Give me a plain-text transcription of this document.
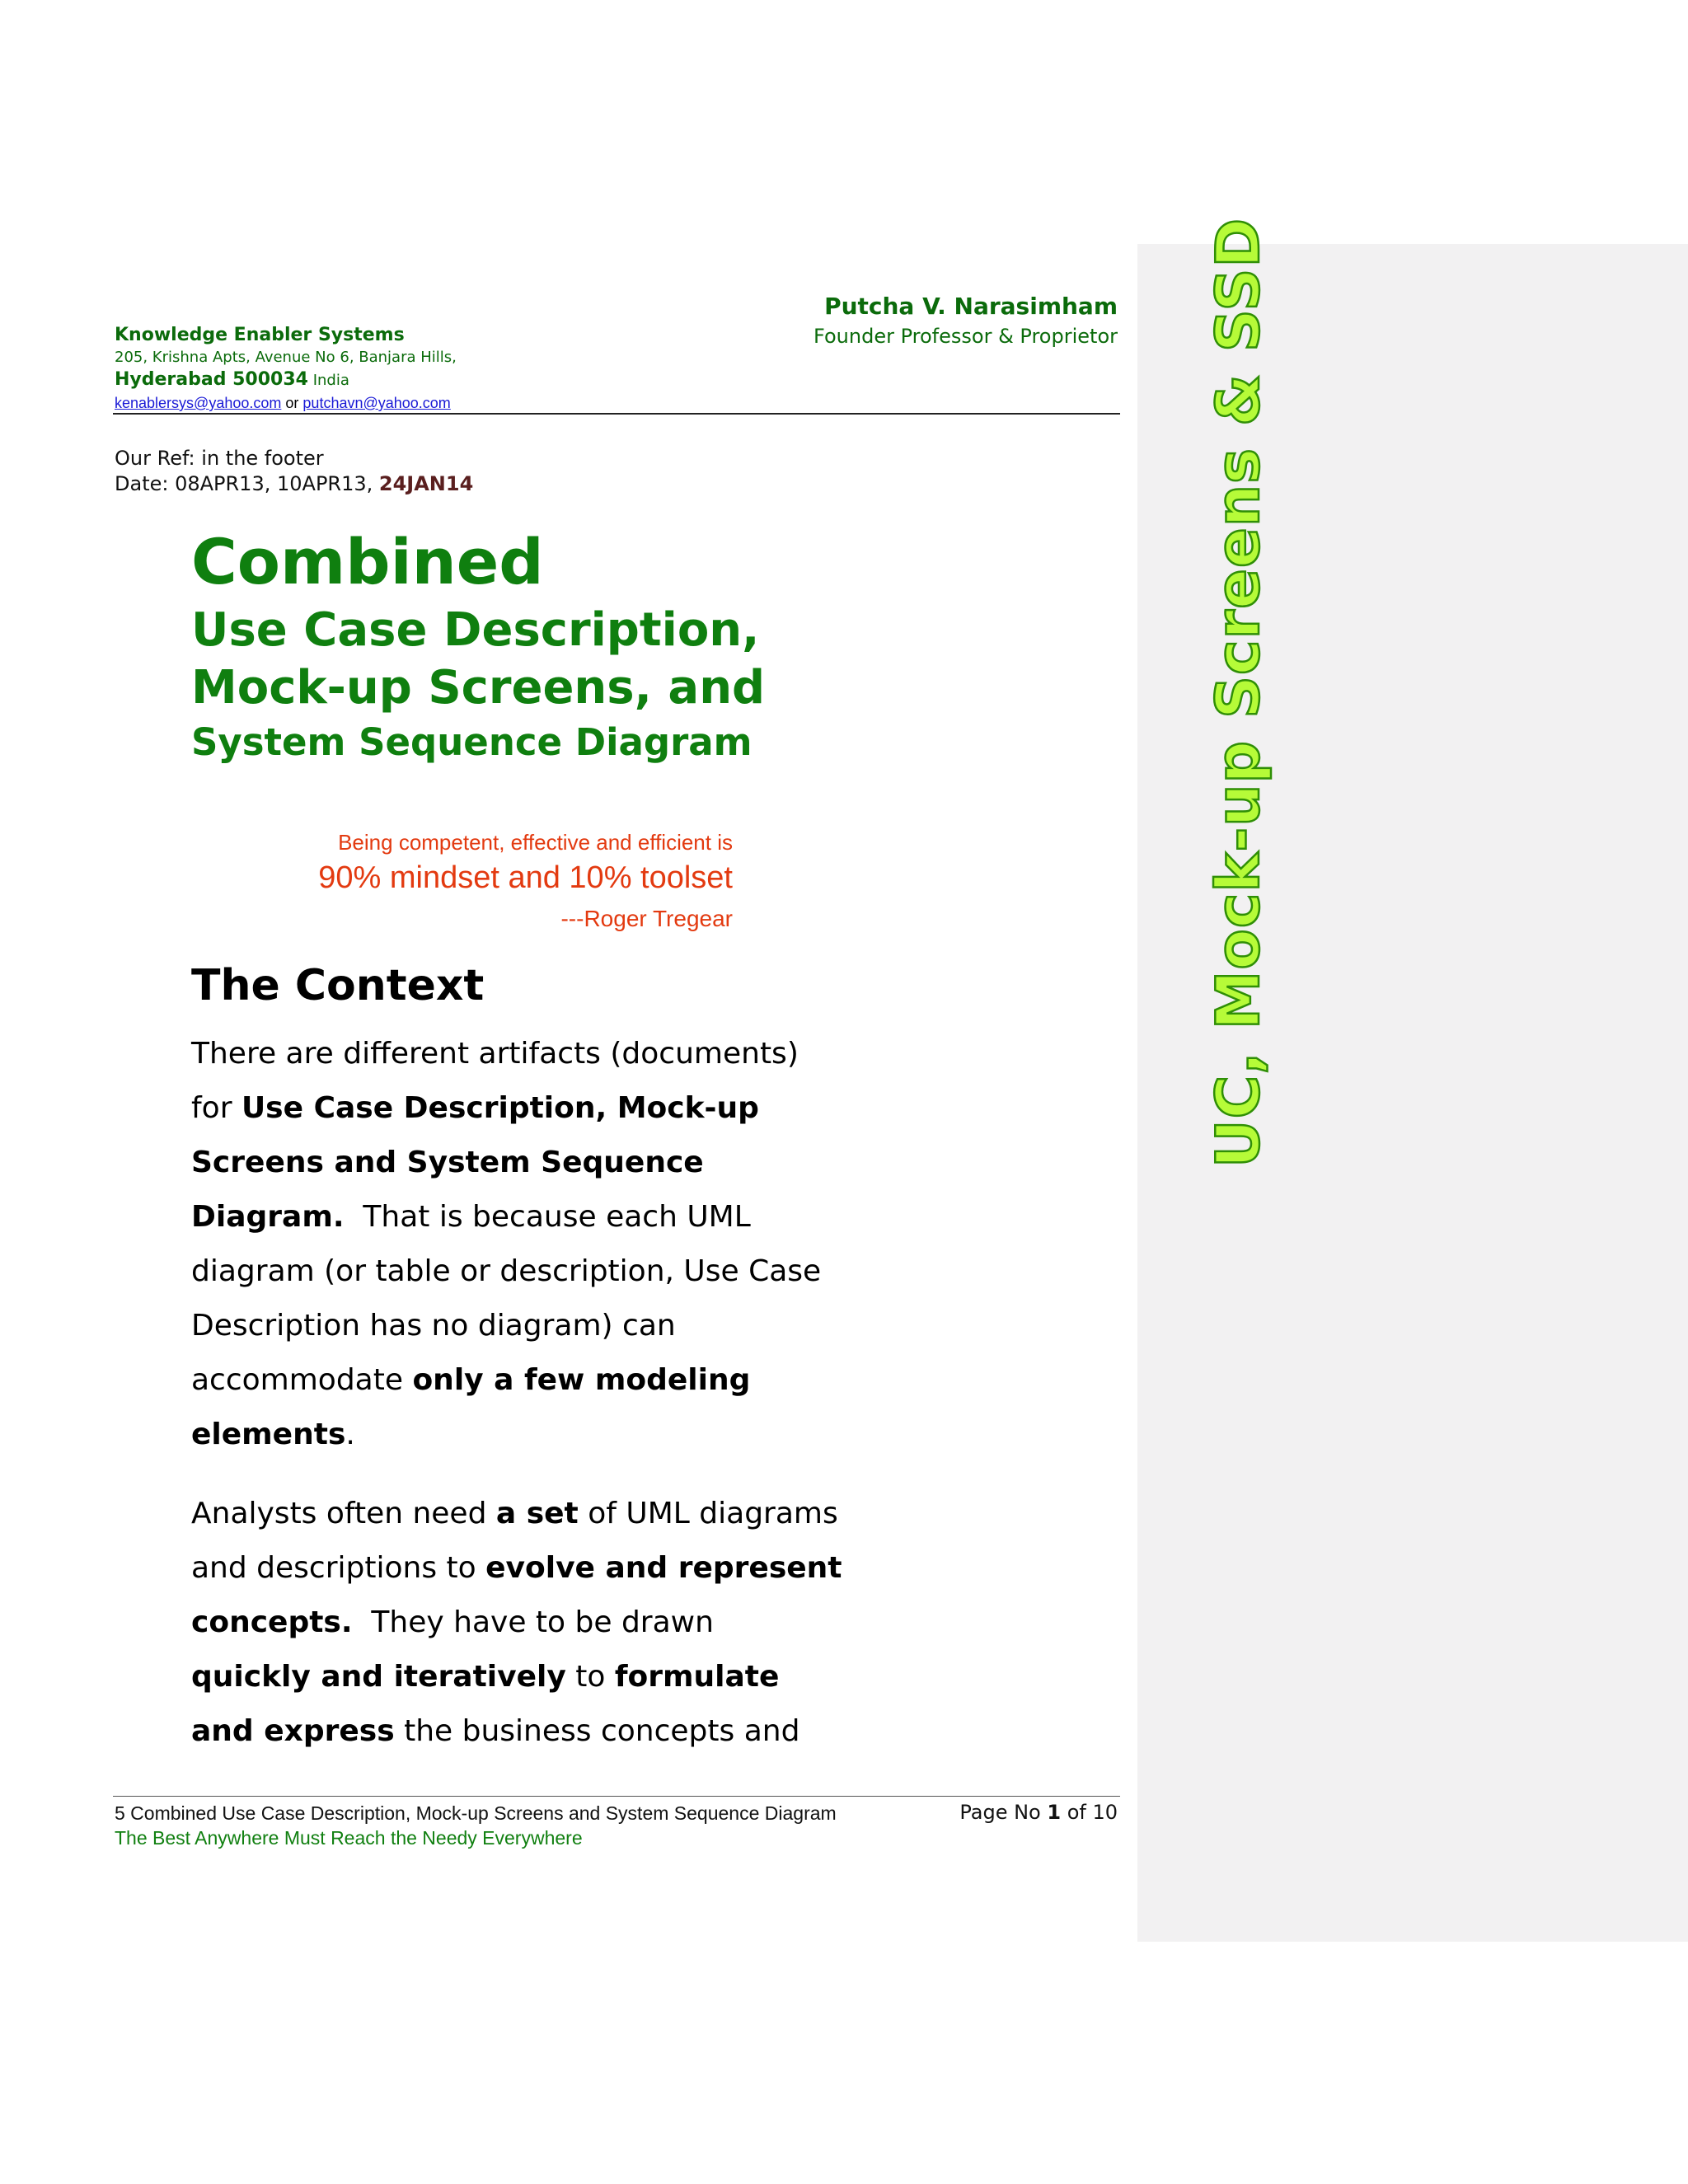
UC, Mock-up Screens & SSD
Knowledge Enabler Systems
205, Krishna Apts, Avenue No 6, Banjara Hills,
Hyderabad 500034 India
kenablersys@yahoo.com or putchavn@yahoo.com
Putcha V. Narasimham
Founder Professor & Proprietor
Our Ref: in the footer
Date: 08APR13, 10APR13, 24JAN14
Combined
Use Case Description,
Mock-up Screens, and
System Sequence Diagram
Being competent, effective and efficient is
90% mindset and 10% toolset
---Roger Tregear
The Context
There are different artifacts (documents)
for Use Case Description, Mock-up
Screens and System Sequence
Diagram.  That is because each UML
diagram (or table or description, Use Case
Description has no diagram) can
accommodate only a few modeling
elements.
Analysts often need a set of UML diagrams
and descriptions to evolve and represent
concepts.  They have to be drawn
quickly and iteratively to formulate
and express the business concepts and
5 Combined Use Case Description, Mock-up Screens and System Sequence Diagram
The Best Anywhere Must Reach the Needy Everywhere
Page No 1 of 10
